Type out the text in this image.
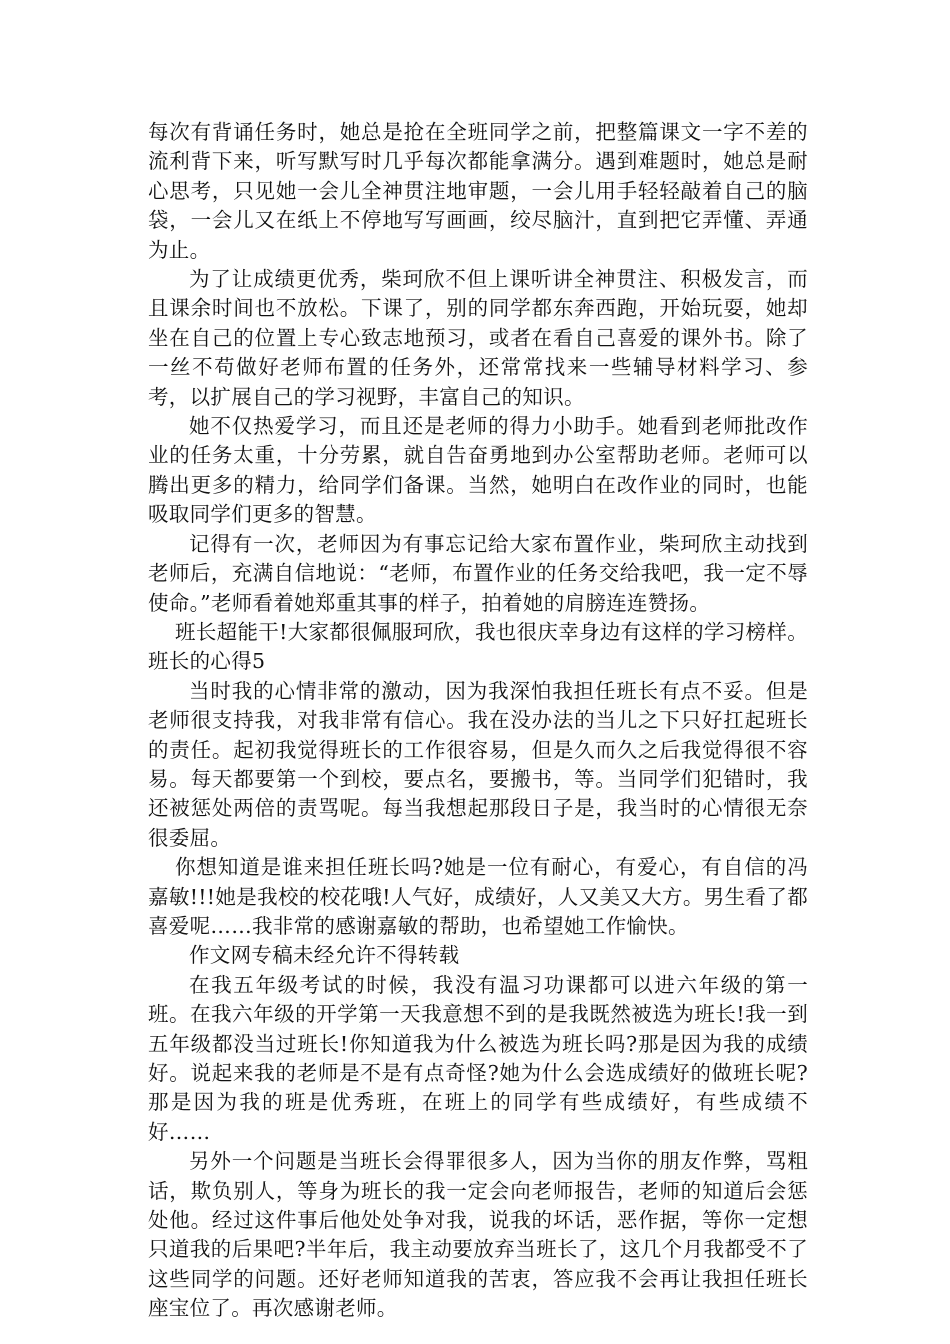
每次有背诵任务时，她总是抢在全班同学之前，把整篇课文一字不差的流利背下来，听写默写时几乎每次都能拿满分。遇到难题时，她总是耐心思考，只见她一会儿全神贯注地审题，一会儿用手轻轻敲着自己的脑袋，一会儿又在纸上不停地写写画画，绞尽脑汁，直到把它弄懂、弄通为止。

为了让成绩更优秀，柴珂欣不但上课听讲全神贯注、积极发言，而且课余时间也不放松。下课了，别的同学都东奔西跑，开始玩耍，她却坐在自己的位置上专心致志地预习，或者在看自己喜爱的课外书。除了一丝不苟做好老师布置的任务外，还常常找来一些辅导材料学习、参考，以扩展自己的学习视野，丰富自己的知识。

她不仅热爱学习，而且还是老师的得力小助手。她看到老师批改作业的任务太重，十分劳累，就自告奋勇地到办公室帮助老师。老师可以腾出更多的精力，给同学们备课。当然，她明白在改作业的同时，也能吸取同学们更多的智慧。

记得有一次，老师因为有事忘记给大家布置作业，柴珂欣主动找到老师后，充满自信地说：“老师，布置作业的任务交给我吧，我一定不辱使命。”老师看着她郑重其事的样子，拍着她的肩膀连连赞扬。

班长超能干!大家都很佩服珂欣，我也很庆幸身边有这样的学习榜样。班长的心得5

当时我的心情非常的激动，因为我深怕我担任班长有点不妥。但是老师很支持我，对我非常有信心。我在没办法的当儿之下只好扛起班长的责任。起初我觉得班长的工作很容易，但是久而久之后我觉得很不容易。每天都要第一个到校，要点名，要搬书，等。当同学们犯错时，我还被惩处两倍的责骂呢。每当我想起那段日子是，我当时的心情很无奈很委屈。

你想知道是谁来担任班长吗?她是一位有耐心，有爱心，有自信的冯嘉敏!!!她是我校的校花哦!人气好，成绩好，人又美又大方。男生看了都喜爱呢……我非常的感谢嘉敏的帮助，也希望她工作愉快。

作文网专稿未经允许不得转载

在我五年级考试的时候，我没有温习功课都可以进六年级的第一班。在我六年级的开学第一天我意想不到的是我既然被选为班长!我一到五年级都没当过班长!你知道我为什么被选为班长吗?那是因为我的成绩好。说起来我的老师是不是有点奇怪?她为什么会选成绩好的做班长呢?那是因为我的班是优秀班，在班上的同学有些成绩好，有些成绩不好……

另外一个问题是当班长会得罪很多人，因为当你的朋友作弊，骂粗话，欺负别人，等身为班长的我一定会向老师报告，老师的知道后会惩处他。经过这件事后他处处争对我，说我的坏话，恶作据，等你一定想只道我的后果吧?半年后，我主动要放弃当班长了，这几个月我都受不了这些同学的问题。还好老师知道我的苦衷，答应我不会再让我担任班长座宝位了。再次感谢老师。
